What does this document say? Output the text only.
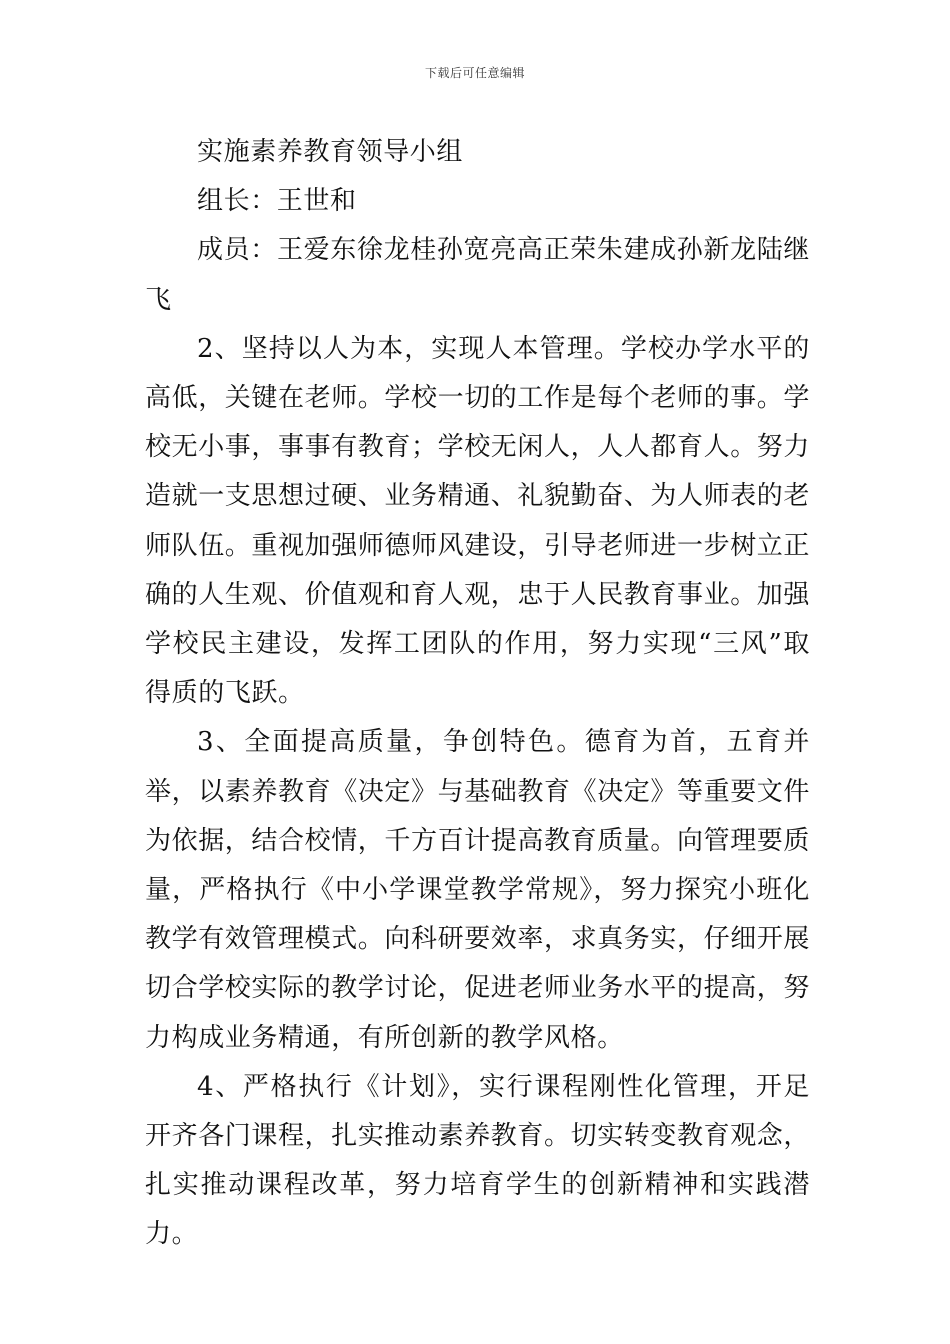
下载后可任意编辑

实施素养教育领导小组

组长：王世和

成员：王爱东徐龙桂孙宽亮高正荣朱建成孙新龙陆继飞

2、坚持以人为本，实现人本管理。学校办学水平的高低，关键在老师。学校一切的工作是每个老师的事。学校无小事，事事有教育；学校无闲人，人人都育人。努力造就一支思想过硬、业务精通、礼貌勤奋、为人师表的老师队伍。重视加强师德师风建设，引导老师进一步树立正确的人生观、价值观和育人观，忠于人民教育事业。加强学校民主建设，发挥工团队的作用，努力实现“三风”取得质的飞跃。

3、全面提高质量，争创特色。德育为首，五育并举，以素养教育《决定》与基础教育《决定》等重要文件为依据，结合校情，千方百计提高教育质量。向管理要质量，严格执行《中小学课堂教学常规》，努力探究小班化教学有效管理模式。向科研要效率，求真务实，仔细开展切合学校实际的教学讨论，促进老师业务水平的提高，努力构成业务精通，有所创新的教学风格。

4、严格执行《计划》，实行课程刚性化管理，开足开齐各门课程，扎实推动素养教育。切实转变教育观念，扎实推动课程改革，努力培育学生的创新精神和实践潜力。
